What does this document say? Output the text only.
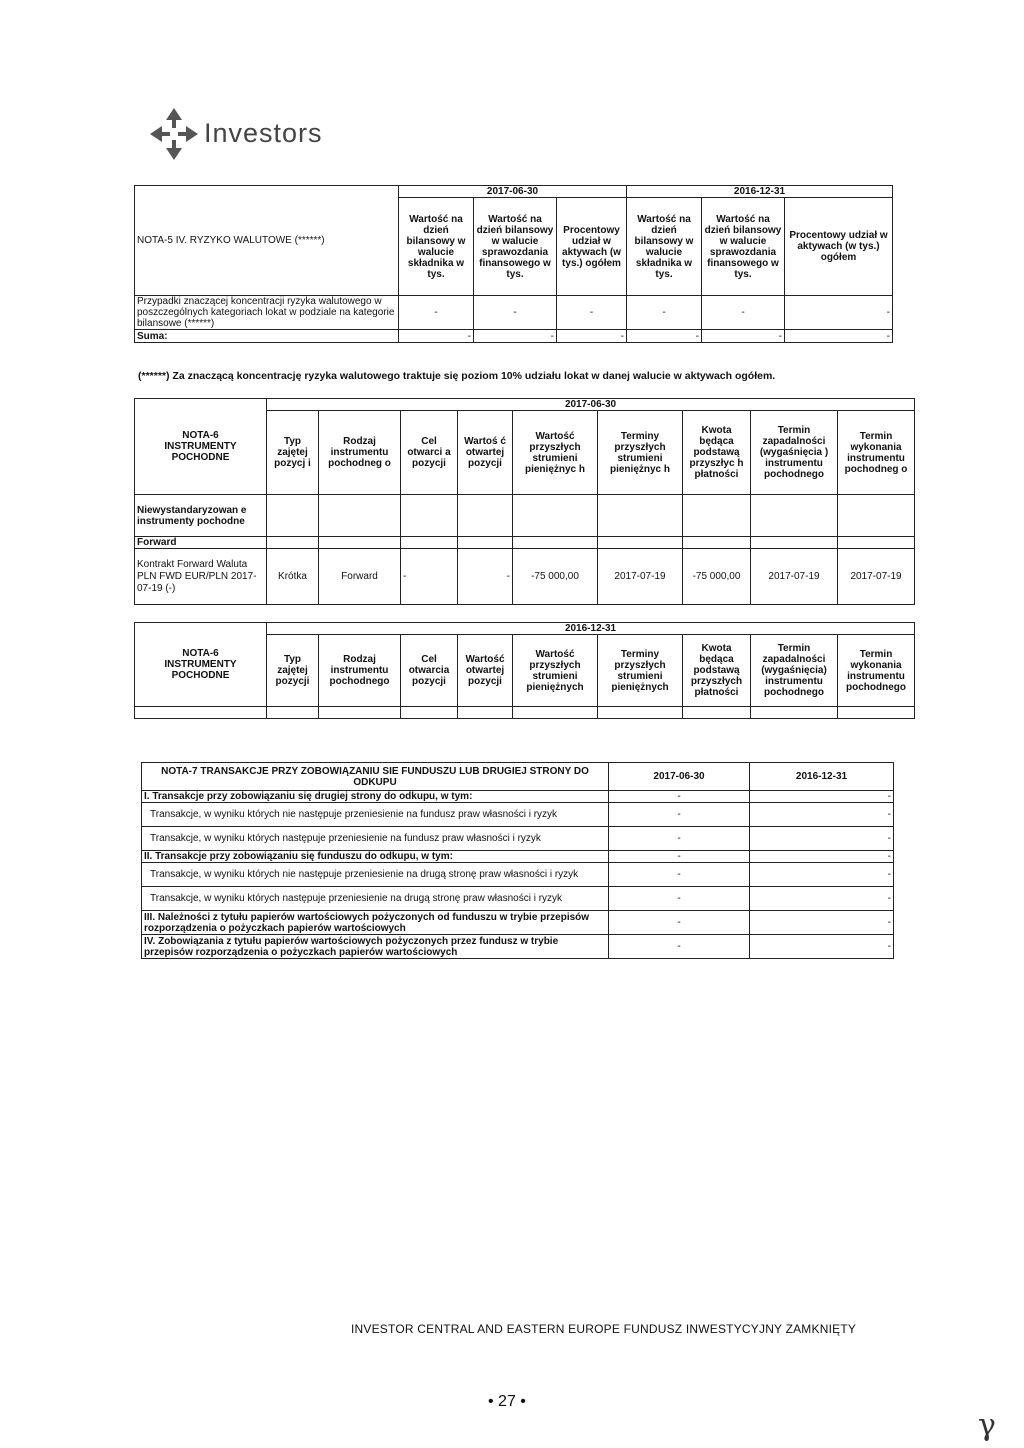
Investors
NOTA-5 IV. RYZYKO WALUTOWE (******)	2017-06-30			2016-12-31		
	Wartość na dzień bilansowy w walucie składnika w tys.	Wartość na dzień bilansowy w walucie sprawozdania finansowego w tys.	Procentowy udział w aktywach (w tys.) ogółem	Wartość na dzień bilansowy w walucie składnika w tys.	Wartość na dzień bilansowy w walucie sprawozdania finansowego w tys.	Procentowy udział w aktywach (w tys.) ogółem
Przypadki znaczącej koncentracji ryzyka walutowego w poszczególnych kategoriach lokat w podziale na kategorie bilansowe (******)	-	-	-	-	-	-
Suma:	-	-	-	-	-	-
(******) Za znaczącą koncentrację ryzyka walutowego traktuje się poziom 10% udziału lokat w danej walucie w aktywach ogółem.
NOTA-6 INSTRUMENTY POCHODNE	2017-06-30								
	Typ zajętej pozycj i	Rodzaj instrumentu pochodneg o	Cel otwarci a pozycji	Wartoś ć otwartej pozycji	Wartość przyszłych strumieni pieniężnyc h	Terminy przyszłych strumieni pieniężnyc h	Kwota będąca podstawą przyszłyc h płatności	Termin zapadalności (wygaśnięcia ) instrumentu pochodnego	Termin wykonania instrumentu pochodneg o
Niewystandaryzowan e instrumenty pochodne									
Forward									
Kontrakt Forward Waluta PLN FWD EUR/PLN 2017-07-19 (-)	Krótka	Forward	-	-	-75 000,00	2017-07-19	-75 000,00	2017-07-19	2017-07-19
NOTA-6 INSTRUMENTY POCHODNE	2016-12-31								
	Typ zajętej pozycji	Rodzaj instrumentu pochodnego	Cel otwarcia pozycji	Wartość otwartej pozycji	Wartość przyszłych strumieni pieniężnych	Terminy przyszłych strumieni pieniężnych	Kwota będąca podstawą przyszłych płatności	Termin zapadalności (wygaśnięcia) instrumentu pochodnego	Termin wykonania instrumentu pochodnego

NOTA-7 TRANSAKCJE PRZY ZOBOWIĄZANIU SIE FUNDUSZU LUB DRUGIEJ STRONY DO ODKUPU	2017-06-30	2016-12-31
I. Transakcje przy zobowiązaniu się drugiej strony do odkupu, w tym:	-	-
Transakcje, w wyniku których nie następuje przeniesienie na fundusz praw własności i ryzyk	-	-
Transakcje, w wyniku których następuje przeniesienie na fundusz praw własności i ryzyk	-	-
II. Transakcje przy zobowiązaniu się funduszu do odkupu, w tym:	-	-
Transakcje, w wyniku których nie następuje przeniesienie na drugą stronę praw własności i ryzyk	-	-
Transakcje, w wyniku których następuje przeniesienie na drugą stronę praw własności i ryzyk	-	-
III. Należności z tytułu papierów wartościowych pożyczonych od funduszu w trybie przepisów rozporządzenia o pożyczkach papierów wartościowych	-	-
IV. Zobowiązania z tytułu papierów wartościowych pożyczonych przez fundusz w trybie przepisów rozporządzenia o pożyczkach papierów wartościowych	-	-
INVESTOR CENTRAL AND EASTERN EUROPE FUNDUSZ INWESTYCYJNY ZAMKNIĘTY
• 27 •
γ
